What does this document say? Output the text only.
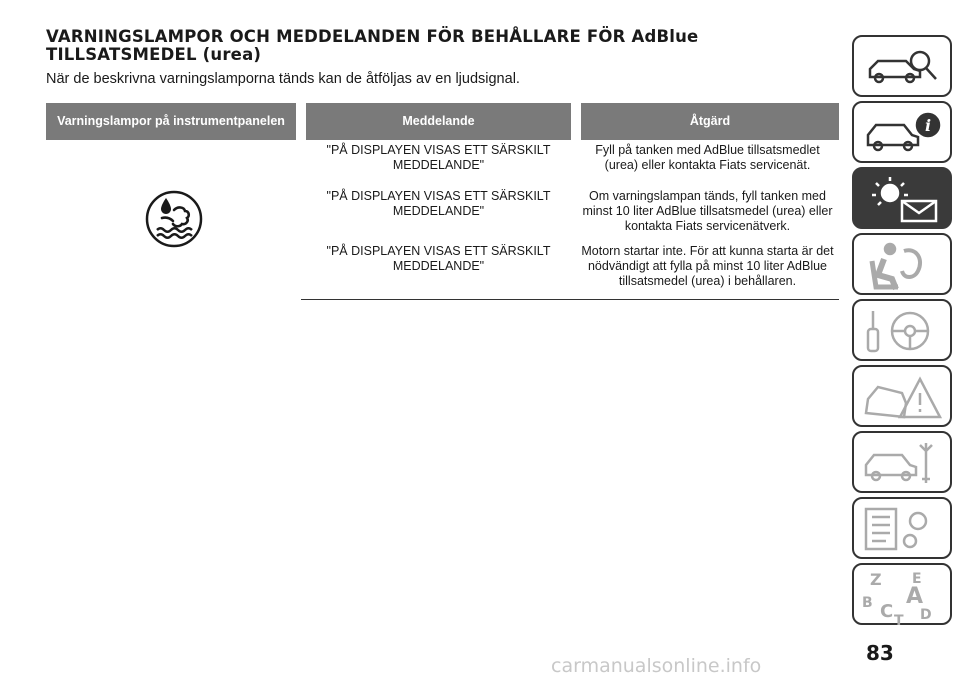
VARNINGSLAMPOR OCH MEDDELANDEN FÖR BEHÅLLARE FÖR AdBlue TILLSATSMEDEL (urea)

När de beskrivna varningslamporna tänds kan de åtföljas av en ljudsignal.

Varningslampor på instrumentpanelen	Meddelande	Åtgärd
	"PÅ DISPLAYEN VISAS ETT SÄRSKILT MEDDELANDE"	Fyll på tanken med AdBlue tillsatsmedlet (urea) eller kontakta Fiats servicenät.
	"PÅ DISPLAYEN VISAS ETT SÄRSKILT MEDDELANDE"	Om varningslampan tänds, fyll tanken med minst 10 liter AdBlue tillsatsmedel (urea) eller kontakta Fiats servicenätverk.
	"PÅ DISPLAYEN VISAS ETT SÄRSKILT MEDDELANDE"	Motorn startar inte. För att kunna starta är det nödvändigt att fylla på minst 10 liter AdBlue tillsatsmedel (urea) i behållaren.
i
Z E
A
B C D
T

83

carmanualsonline.info
